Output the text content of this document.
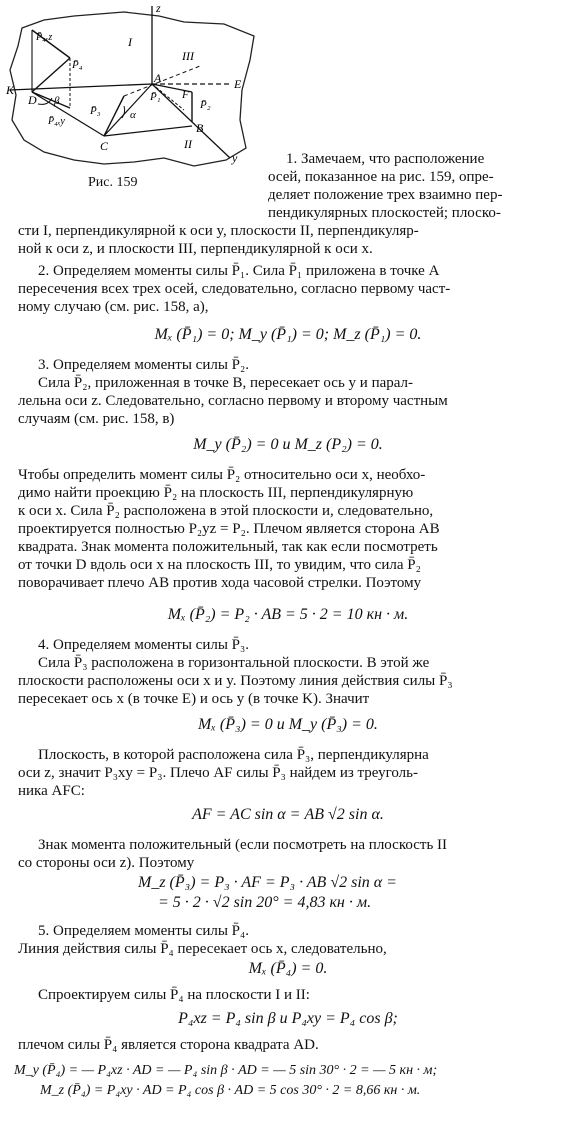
z
y
I
II
III
A
B
C
D
E
K	F
P̄₁
P̄₂
P̄₃
P̄₄
P̄₄ₓz
P̄₄ₓy
α
β
Рис. 159
1. Замечаем, что расположение
осей, показанное на рис. 159, опре-
деляет положение трех взаимно пер-
пендикулярных плоскостей; плоско-
сти I, перпендикулярной к оси y, плоскости II, перпендикуляр-
ной к оси z, и плоскости III, перпендикулярной к оси x.
2. Определяем моменты силы P̄₁. Сила P̄₁ приложена в точке A
пересечения всех трех осей, следовательно, согласно первому част-
ному случаю (см. рис. 158, a),
Mₓ (P̄₁) = 0; M_y (P̄₁) = 0; M_z (P̄₁) = 0.
3. Определяем моменты силы P̄₂.
Сила P̄₂, приложенная в точке B, пересекает ось y и парал-
лельна оси z. Следовательно, согласно первому и второму частным
случаям (см. рис. 158, в)
M_y (P̄₂) = 0 и M_z (P₂) = 0.
Чтобы определить момент силы P̄₂ относительно оси x, необхо-
димо найти проекцию P̄₂ на плоскость III, перпендикулярную
к оси x. Сила P̄₂ расположена в этой плоскости и, следовательно,
проектируется полностью P₂yz = P₂. Плечом является сторона AB
квадрата. Знак момента положительный, так как если посмотреть
от точки D вдоль оси x на плоскость III, то увидим, что сила P̄₂
поворачивает плечо AB против хода часовой стрелки. Поэтому
Mₓ (P̄₂) = P₂ · AB = 5 · 2 = 10 кн · м.
4. Определяем моменты силы P̄₃.
Сила P̄₃ расположена в горизонтальной плоскости. В этой же
плоскости расположены оси x и y. Поэтому линия действия силы P̄₃
пересекает ось x (в точке E) и ось y (в точке K). Значит
Mₓ (P̄₃) = 0 и M_y (P̄₃) = 0.
Плоскость, в которой расположена сила P̄₃, перпендикулярна
оси z, значит P₃xy = P₃. Плечо AF силы P̄₃ найдем из треуголь-
ника AFC:
AF = AC sin α = AB √2 sin α.
Знак момента положительный (если посмотреть на плоскость II
со стороны оси z). Поэтому
M_z (P̄₃) = P₃ · AF = P₃ · AB √2 sin α =
= 5 · 2 · √2 sin 20° = 4,83 кн · м.
5. Определяем моменты силы P̄₄.
Линия действия силы P̄₄ пересекает ось x, следовательно,
Mₓ (P̄₄) = 0.
Спроектируем силы P̄₄ на плоскости I и II:
P₄xz = P₄ sin β и P₄xy = P₄ cos β;
плечом силы P̄₄ является сторона квадрата AD.
M_y (P̄₄) = — P₄xz · AD = — P₄ sin β · AD = — 5 sin 30° · 2 = — 5 кн · м;
M_z (P̄₄) = P₄xy · AD = P₄ cos β · AD = 5 cos 30° · 2 = 8,66 кн · м.
